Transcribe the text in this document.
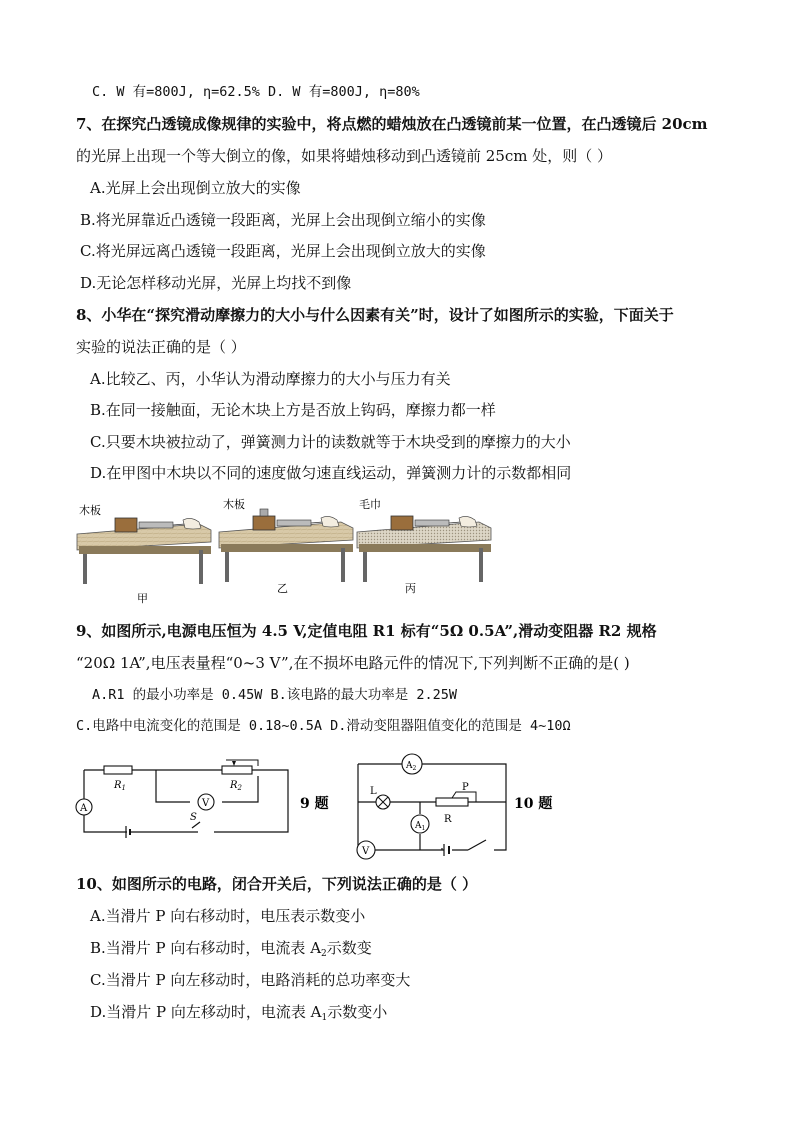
C. W 有=800J, η=62.5% D. W 有=800J, η=80%
7、在探究凸透镜成像规律的实验中，将点燃的蜡烛放在凸透镜前某一位置，在凸透镜后 20cm
的光屏上出现一个等大倒立的像，如果将蜡烛移动到凸透镜前 25cm 处，则（ ）
A.光屏上会出现倒立放大的实像
B.将光屏靠近凸透镜一段距离，光屏上会出现倒立缩小的实像
C.将光屏远离凸透镜一段距离，光屏上会出现倒立放大的实像
D.无论怎样移动光屏，光屏上均找不到像
8、小华在“探究滑动摩擦力的大小与什么因素有关”时，设计了如图所示的实验，下面关于
实验的说法正确的是（ ）
A.比较乙、丙，小华认为滑动摩擦力的大小与压力有关
B.在同一接触面，无论木块上方是否放上钩码，摩擦力都一样
C.只要木块被拉动了，弹簧测力计的读数就等于木块受到的摩擦力的大小
D.在甲图中木块以不同的速度做匀速直线运动，弹簧测力计的示数都相同
木板
甲
木板
乙
毛巾
丙
9、如图所示,电源电压恒为 4.5 V,定值电阻 R1 标有“5Ω 0.5A”,滑动变阻器 R2 规格
“20Ω 1A”,电压表量程“0~3 V”,在不损坏电路元件的情况下,下列判断不正确的是( )
A.R1 的最小功率是 0.45W B.该电路的最大功率是 2.25W
C.电路中电流变化的范围是 0.18~0.5A D.滑动变阻器阻值变化的范围是 4~10Ω
A	V
S
$R_1$	$R_2$
9 题
$A_2$
L	P
R
$A_1$
V
10 题
10、如图所示的电路，闭合开关后，下列说法正确的是（ ）
A.当滑片 P 向右移动时，电压表示数变小
B.当滑片 P 向右移动时，电流表 $A_2$示数变
C.当滑片 P 向左移动时，电路消耗的总功率变大
D.当滑片 P 向左移动时，电流表 $A_1$示数变小
